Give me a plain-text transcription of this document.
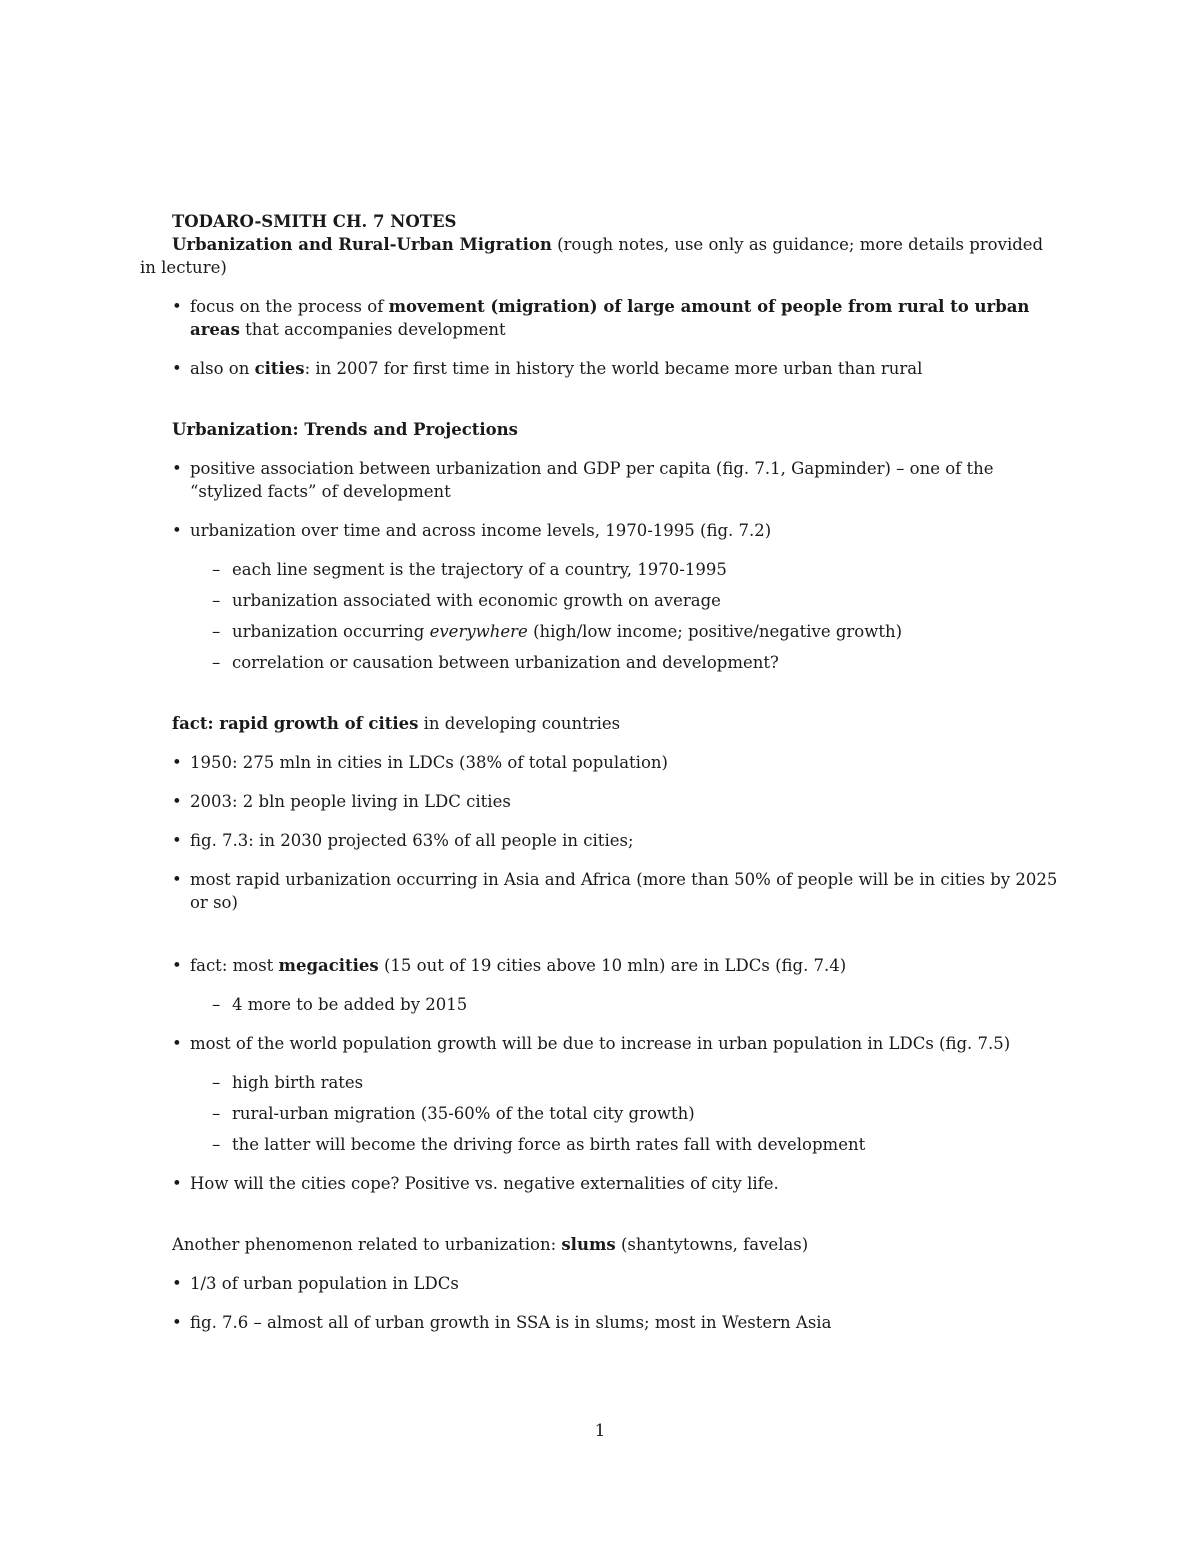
TODARO-SMITH CH. 7 NOTES

Urbanization and Rural-Urban Migration (rough notes, use only as guidance; more details provided in lecture)

• focus on the process of movement (migration) of large amount of people from rural to urban areas that accompanies development
• also on cities: in 2007 for first time in history the world became more urban than rural
Urbanization: Trends and Projections
• positive association between urbanization and GDP per capita (fig. 7.1, Gapminder) – one of the “stylized facts” of development
• urbanization over time and across income levels, 1970-1995 (fig. 7.2)
– each line segment is the trajectory of a country, 1970-1995
– urbanization associated with economic growth on average
– urbanization occurring everywhere (high/low income; positive/negative growth)
– correlation or causation between urbanization and development?
fact: rapid growth of cities in developing countries
• 1950: 275 mln in cities in LDCs (38% of total population)
• 2003: 2 bln people living in LDC cities
• fig. 7.3: in 2030 projected 63% of all people in cities;
• most rapid urbanization occurring in Asia and Africa (more than 50% of people will be in cities by 2025 or so)
• fact: most megacities (15 out of 19 cities above 10 mln) are in LDCs (fig. 7.4)
– 4 more to be added by 2015
• most of the world population growth will be due to increase in urban population in LDCs (fig. 7.5)
– high birth rates
– rural-urban migration (35-60% of the total city growth)
– the latter will become the driving force as birth rates fall with development
• How will the cities cope? Positive vs. negative externalities of city life.
Another phenomenon related to urbanization: slums (shantytowns, favelas)
• 1/3 of urban population in LDCs
• fig. 7.6 – almost all of urban growth in SSA is in slums; most in Western Asia
1
